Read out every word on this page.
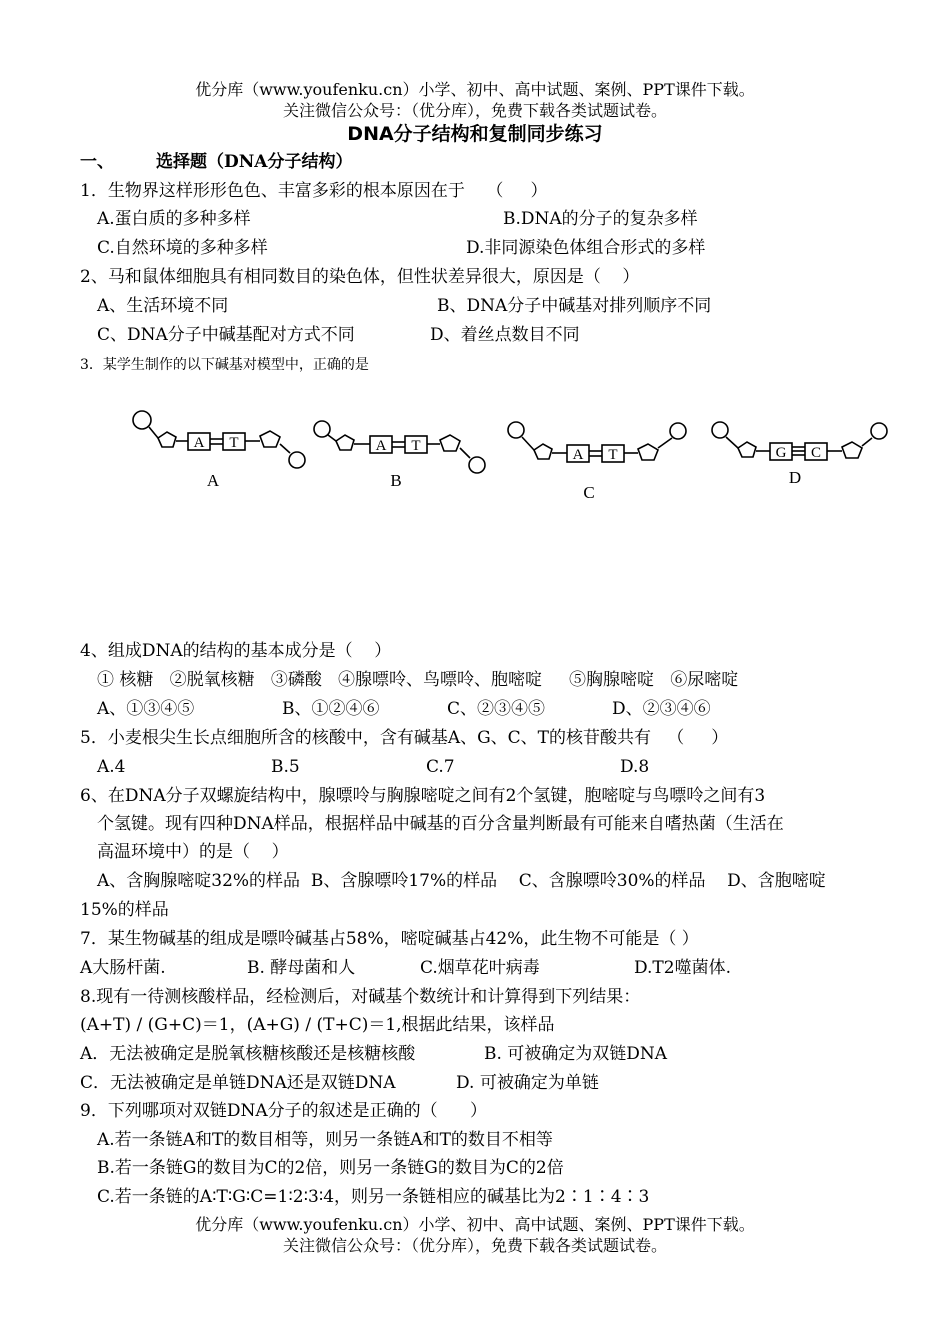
优分库（www.youfenku.cn）小学、初中、高中试题、案例、PPT课件下载。
关注微信公众号：（优分库），免费下载各类试题试卷。
DNA分子结构和复制同步练习
一、 选择题（DNA分子结构）
1．生物界这样形形色色、丰富多彩的根本原因在于    （     ）
A.蛋白质的多种多样	B.DNA的分子的复杂多样
C.自然环境的多种多样	D.非同源染色体组合形式的多样
2、马和鼠体细胞具有相同数目的染色体，但性状差异很大，原因是（    ）
A、生活环境不同	B、DNA分子中碱基对排列顺序不同
C、DNA分子中碱基配对方式不同	D、着丝点数目不同
3．某学生制作的以下碱基对模型中，正确的是
A T	A T
A T	G C
A	B
C
D
4、组成DNA的结构的基本成分是（    ）
① 核糖   ②脱氧核糖   ③磷酸   ④腺嘌呤、鸟嘌呤、胞嘧啶     ⑤胸腺嘧啶   ⑥尿嘧啶
A、①③④⑤	B、①②④⑥	C、②③④⑤	D、②③④⑥
5．小麦根尖生长点细胞所含的核酸中，含有碱基A、G、C、T的核苷酸共有   （     ）
A.4	B.5	C.7	D.8
6、在DNA分子双螺旋结构中，腺嘌呤与胸腺嘧啶之间有2个氢键，胞嘧啶与鸟嘌呤之间有3
个氢键。现有四种DNA样品，根据样品中碱基的百分含量判断最有可能来自嗜热菌（生活在
高温环境中）的是（    ）
A、含胸腺嘧啶32%的样品  B、含腺嘌呤17%的样品    C、含腺嘌呤30%的样品    D、含胞嘧啶
15%的样品
7．某生物碱基的组成是嘌呤碱基占58%，嘧啶碱基占42%，此生物不可能是（ ）
A大肠杆菌.	B. 酵母菌和人	C.烟草花叶病毒	D.T2噬菌体.
8.现有一待测核酸样品，经检测后，对碱基个数统计和计算得到下列结果：
(A+T) / (G+C)＝1，(A+G) / (T+C)＝1,根据此结果，该样品
A．无法被确定是脱氧核糖核酸还是核糖核酸	B. 可被确定为双链DNA
C．无法被确定是单链DNA还是双链DNA	D. 可被确定为单链
9．下列哪项对双链DNA分子的叙述是正确的（      ）
A.若一条链A和T的数目相等，则另一条链A和T的数目不相等
B.若一条链G的数目为C的2倍，则另一条链G的数目为C的2倍
C.若一条链的A∶T∶G∶C=1∶2∶3∶4，则另一条链相应的碱基比为2∶1∶4∶3
优分库（www.youfenku.cn）小学、初中、高中试题、案例、PPT课件下载。
关注微信公众号：（优分库），免费下载各类试题试卷。
